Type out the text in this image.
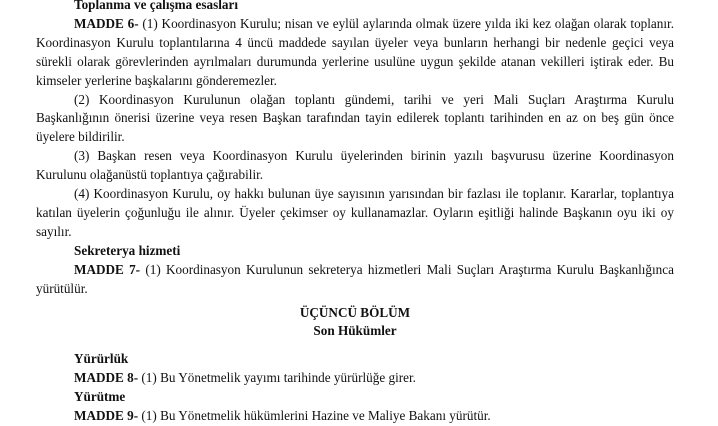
Toplanma ve çalışma esasları

MADDE 6- (1) Koordinasyon Kurulu; nisan ve eylül aylarında olmak üzere yılda iki kez olağan olarak toplanır. Koordinasyon Kurulu toplantılarına 4 üncü maddede sayılan üyeler veya bunların herhangi bir nedenle geçici veya sürekli olarak görevlerinden ayrılmaları durumunda yerlerine usulüne uygun şekilde atanan vekilleri iştirak eder. Bu kimseler yerlerine başkalarını gönderemezler.

(2) Koordinasyon Kurulunun olağan toplantı gündemi, tarihi ve yeri Mali Suçları Araştırma Kurulu Başkanlığının önerisi üzerine veya resen Başkan tarafından tayin edilerek toplantı tarihinden en az on beş gün önce üyelere bildirilir.

(3) Başkan resen veya Koordinasyon Kurulu üyelerinden birinin yazılı başvurusu üzerine Koordinasyon Kurulunu olağanüstü toplantıya çağırabilir.

(4) Koordinasyon Kurulu, oy hakkı bulunan üye sayısının yarısından bir fazlası ile toplanır. Kararlar, toplantıya katılan üyelerin çoğunluğu ile alınır. Üyeler çekimser oy kullanamazlar. Oyların eşitliği halinde Başkanın oyu iki oy sayılır.

Sekreterya hizmeti

MADDE 7- (1) Koordinasyon Kurulunun sekreterya hizmetleri Mali Suçları Araştırma Kurulu Başkanlığınca yürütülür.

ÜÇÜNCÜ BÖLÜM
Son Hükümler
Yürürlük

MADDE 8- (1) Bu Yönetmelik yayımı tarihinde yürürlüğe girer.

Yürütme

MADDE 9- (1) Bu Yönetmelik hükümlerini Hazine ve Maliye Bakanı yürütür.
